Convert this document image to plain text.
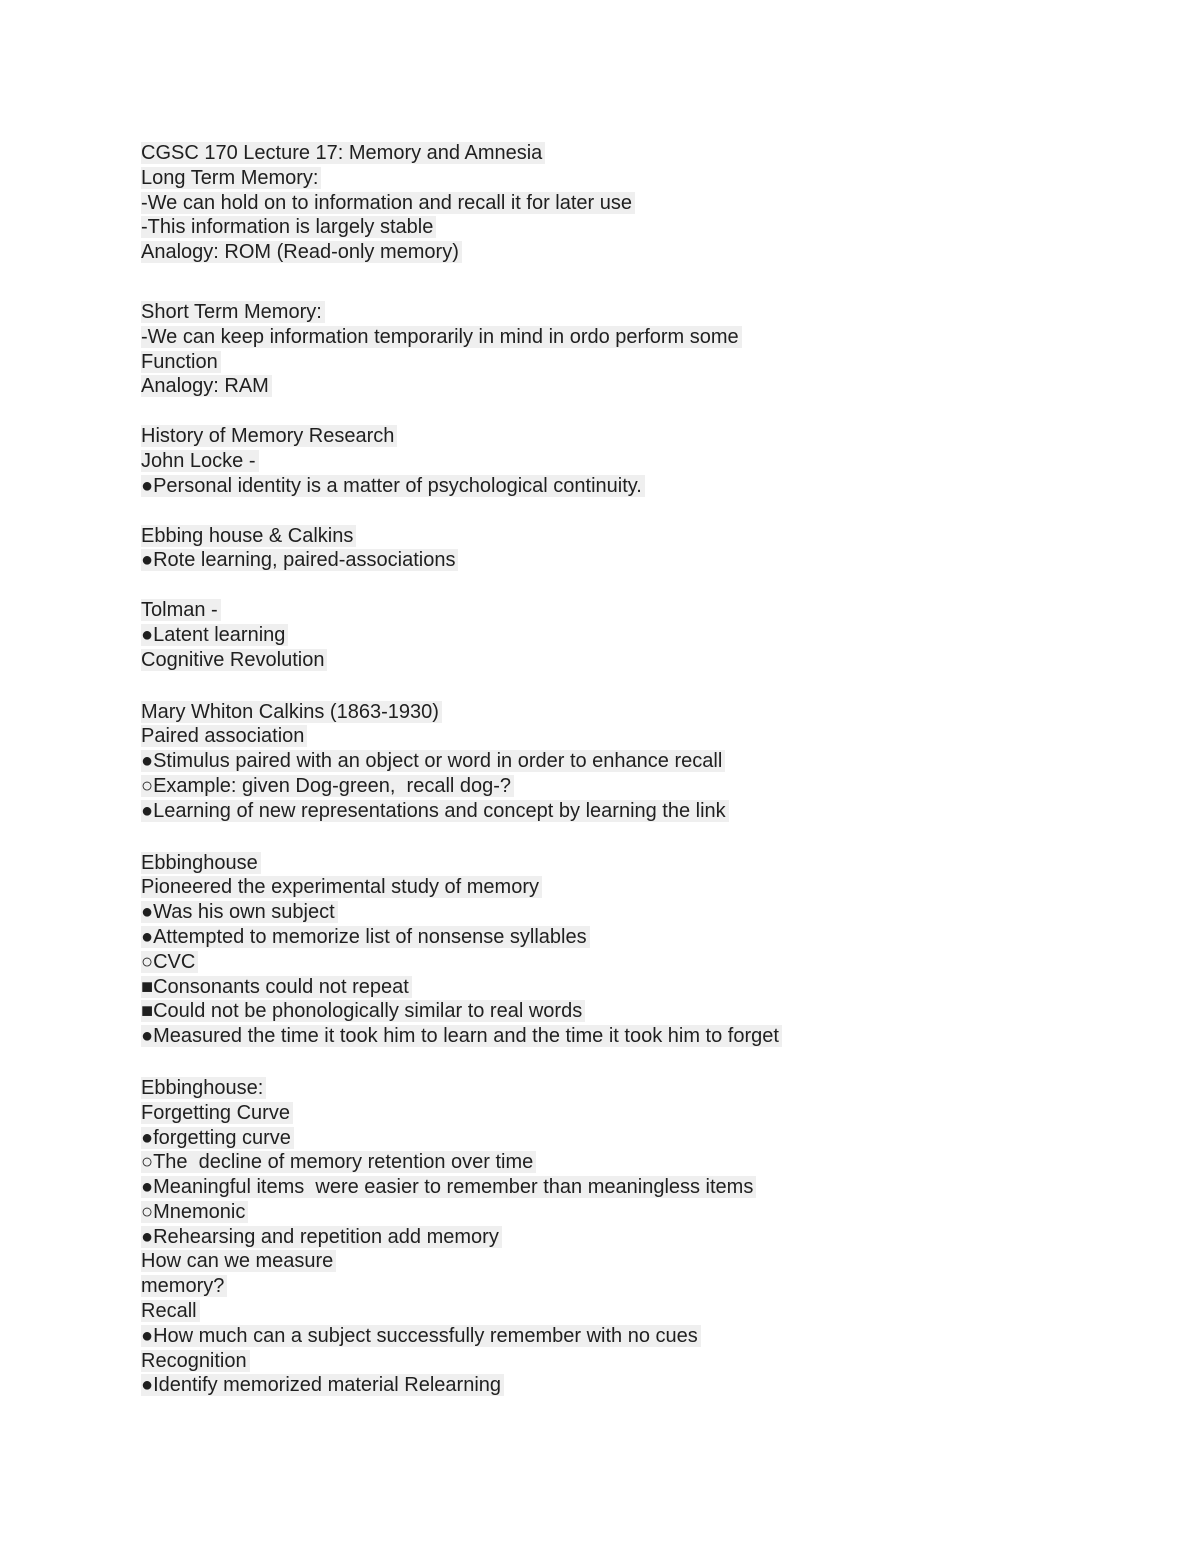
CGSC 170 Lecture 17: Memory and Amnesia
Long Term Memory:
-We can hold on to information and recall it for later use
-This information is largely stable
Analogy: ROM (Read-only memory)
Short Term Memory:
-We can keep information temporarily in mind in ordo perform some
Function
Analogy: RAM
History of Memory Research
John Locke -
●Personal identity is a matter of psychological continuity.
Ebbing house & Calkins
●Rote learning, paired-associations
Tolman -
●Latent learning
Cognitive Revolution
Mary Whiton Calkins (1863-1930)
Paired association
●Stimulus paired with an object or word in order to enhance recall
○Example: given Dog-green,  recall dog-?
●Learning of new representations and concept by learning the link
Ebbinghouse
Pioneered the experimental study of memory
●Was his own subject
●Attempted to memorize list of nonsense syllables
○CVC
■Consonants could not repeat
■Could not be phonologically similar to real words
●Measured the time it took him to learn and the time it took him to forget
Ebbinghouse:
Forgetting Curve
●forgetting curve
○The  decline of memory retention over time
●Meaningful items  were easier to remember than meaningless items
○Mnemonic
●Rehearsing and repetition add memory
How can we measure
memory?
Recall
●How much can a subject successfully remember with no cues
Recognition
●Identify memorized material Relearning
